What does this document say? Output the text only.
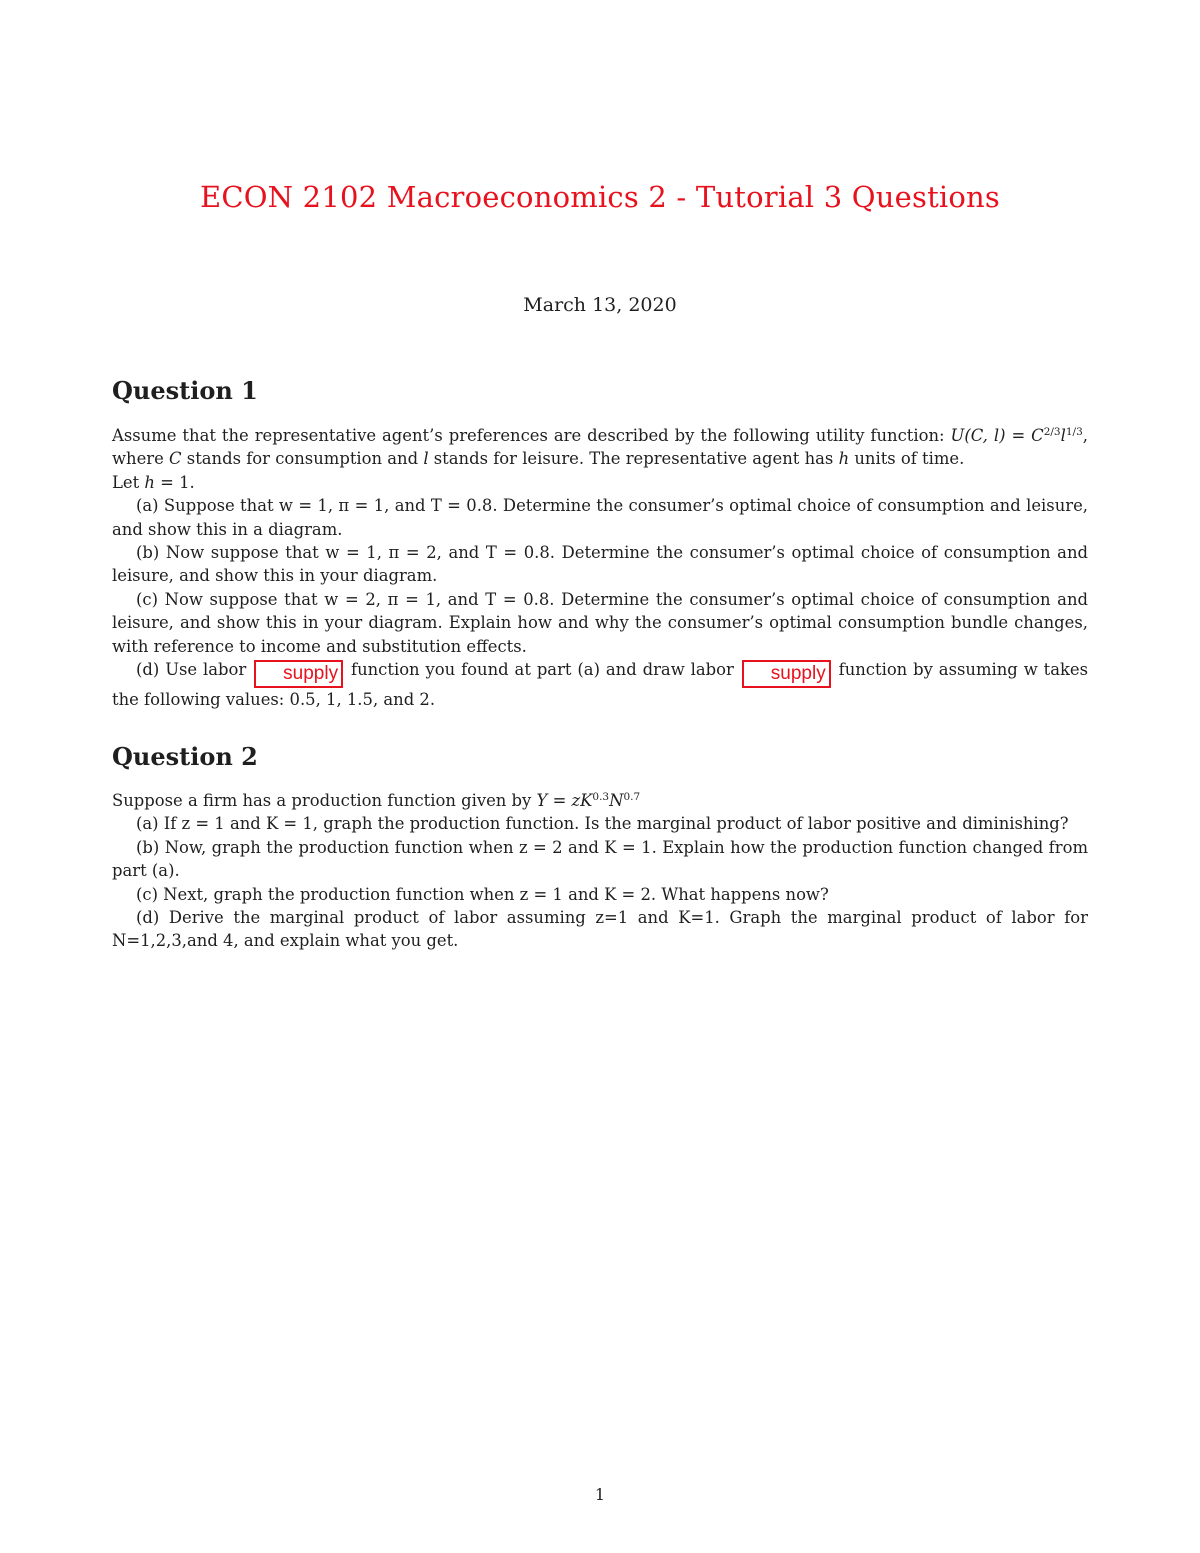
ECON 2102 Macroeconomics 2 - Tutorial 3 Questions
March 13, 2020
Question 1

Assume that the representative agent’s preferences are described by the following utility function: U(C, $l) = C^{2/3}l^{1/3}$, where C stands for consumption and l stands for leisure. The representative agent has h units of time.

Let h = 1.

(a) Suppose that w = 1, π = 1, and T = 0.8. Determine the consumer’s optimal choice of consumption and leisure, and show this in a diagram.

(b) Now suppose that w = 1, π = 2, and T = 0.8. Determine the consumer’s optimal choice of consumption and leisure, and show this in your diagram.

(c) Now suppose that w = 2, π = 1, and T = 0.8. Determine the consumer’s optimal choice of consumption and leisure, and show this in your diagram. Explain how and why the consumer’s optimal consumption bundle changes, with reference to income and substitution effects.

(d) Use labor supply function you found at part (a) and draw labor supply function by assuming w takes the following values: 0.5, 1, 1.5, and 2.

Question 2

Suppose a firm has a production function given by $Y = zK^{0.3}N^{0.7}$

(a) If z = 1 and K = 1, graph the production function. Is the marginal product of labor positive and diminishing?

(b) Now, graph the production function when z = 2 and K = 1. Explain how the production function changed from part (a).

(c) Next, graph the production function when z = 1 and K = 2. What happens now?

(d) Derive the marginal product of labor assuming z=1 and K=1. Graph the marginal product of labor for N=1,2,3,and 4, and explain what you get.

1
